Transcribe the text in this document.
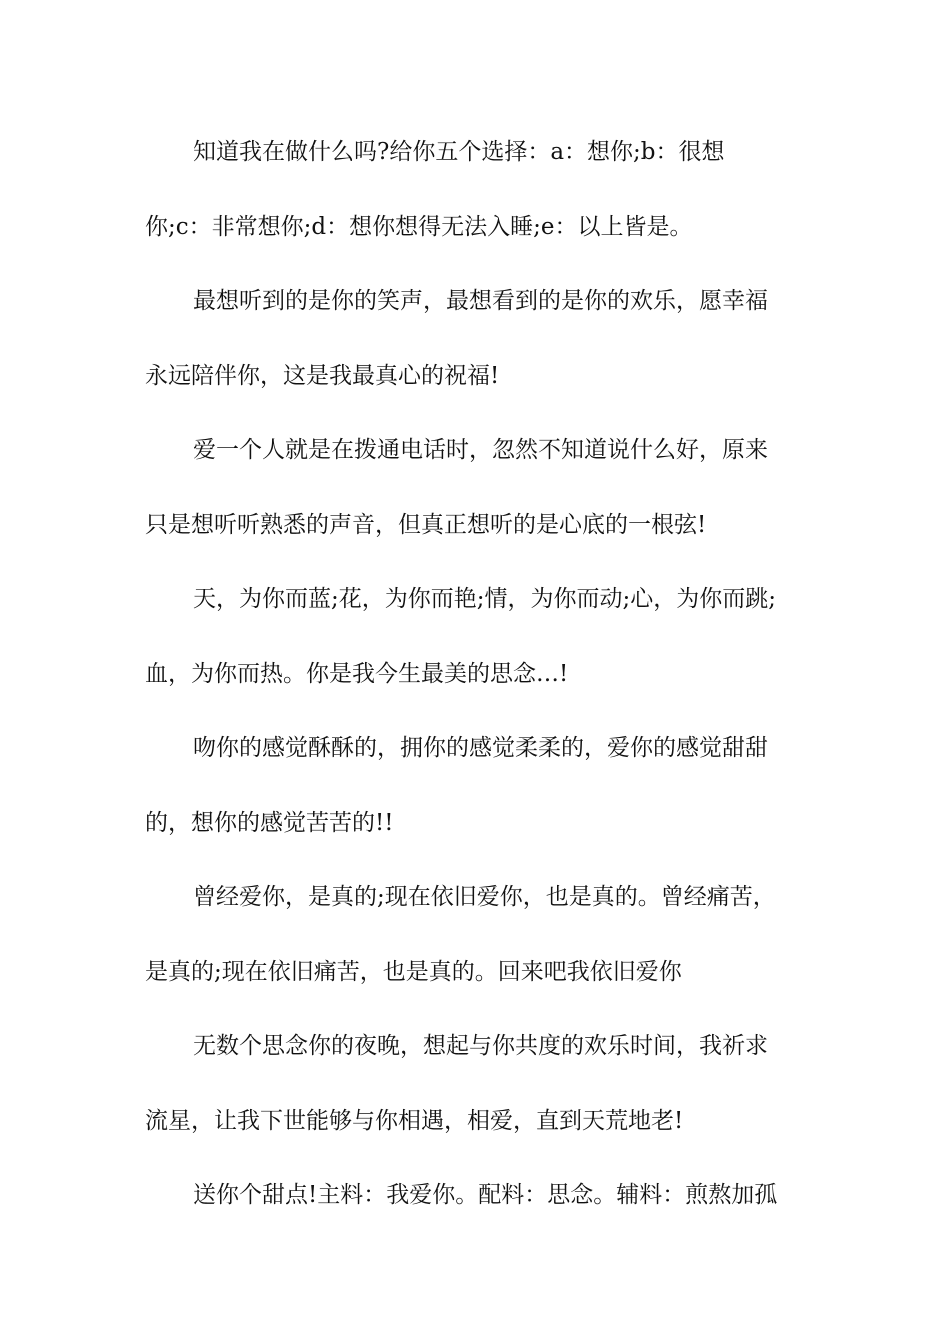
知道我在做什么吗?给你五个选择：a：想你;b：很想

你;c：非常想你;d：想你想得无法入睡;e：以上皆是。

最想听到的是你的笑声，最想看到的是你的欢乐，愿幸福

永远陪伴你，这是我最真心的祝福!

爱一个人就是在拨通电话时，忽然不知道说什么好，原来

只是想听听熟悉的声音，但真正想听的是心底的一根弦!

天，为你而蓝;花，为你而艳;情，为你而动;心，为你而跳;

血，为你而热。你是我今生最美的思念…!

吻你的感觉酥酥的，拥你的感觉柔柔的，爱你的感觉甜甜

的，想你的感觉苦苦的!!

曾经爱你，是真的;现在依旧爱你，也是真的。曾经痛苦，

是真的;现在依旧痛苦，也是真的。回来吧我依旧爱你

无数个思念你的夜晚，想起与你共度的欢乐时间，我祈求

流星，让我下世能够与你相遇，相爱，直到天荒地老!

送你个甜点!主料：我爱你。配料：思念。辅料：煎熬加孤
